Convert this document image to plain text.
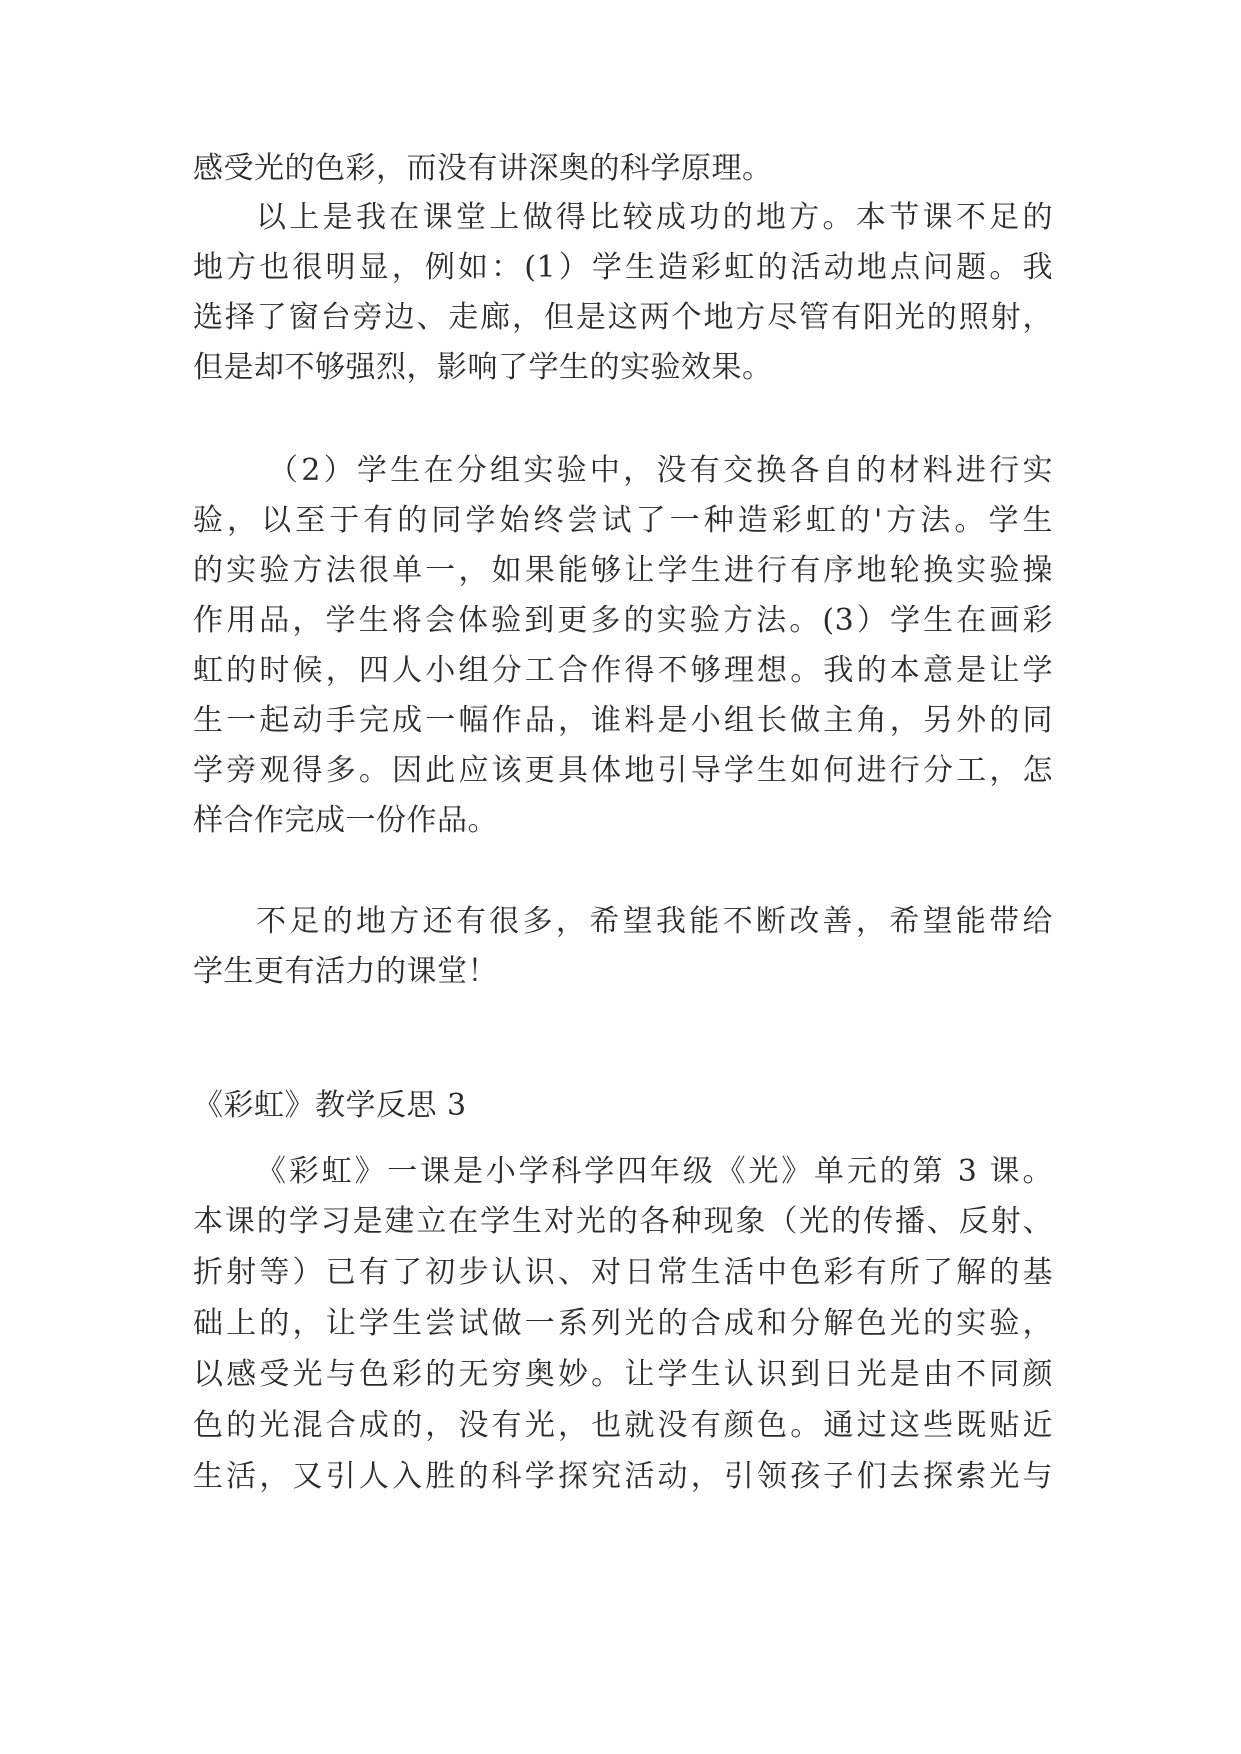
感受光的色彩，而没有讲深奥的科学原理。

以上是我在课堂上做得比较成功的地方。本节课不足的

地方也很明显，例如：(1）学生造彩虹的活动地点问题。我

选择了窗台旁边、走廊，但是这两个地方尽管有阳光的照射，

但是却不够强烈，影响了学生的实验效果。

（2）学生在分组实验中，没有交换各自的材料进行实

验，以至于有的同学始终尝试了一种造彩虹的'方法。学生

的实验方法很单一，如果能够让学生进行有序地轮换实验操

作用品，学生将会体验到更多的实验方法。(3）学生在画彩

虹的时候，四人小组分工合作得不够理想。我的本意是让学

生一起动手完成一幅作品，谁料是小组长做主角，另外的同

学旁观得多。因此应该更具体地引导学生如何进行分工，怎

样合作完成一份作品。

不足的地方还有很多，希望我能不断改善，希望能带给

学生更有活力的课堂！

《彩虹》教学反思 3

《彩虹》一课是小学科学四年级《光》单元的第 3 课。

本课的学习是建立在学生对光的各种现象（光的传播、反射、

折射等）已有了初步认识、对日常生活中色彩有所了解的基

础上的，让学生尝试做一系列光的合成和分解色光的实验，

以感受光与色彩的无穷奥妙。让学生认识到日光是由不同颜

色的光混合成的，没有光，也就没有颜色。通过这些既贴近

生活，又引人入胜的科学探究活动，引领孩子们去探索光与
